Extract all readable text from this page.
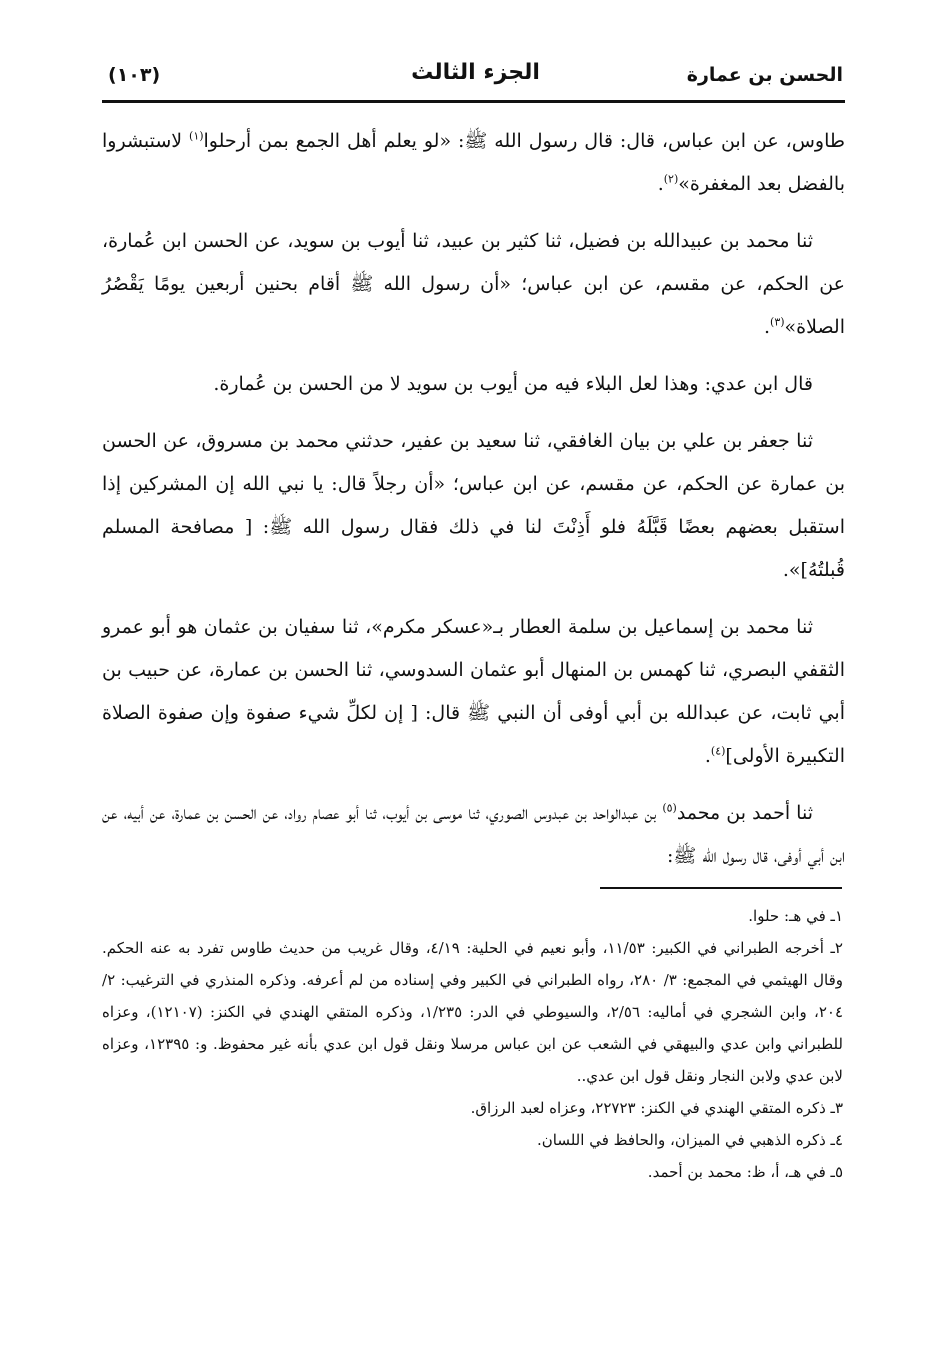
الحسن بن عمارة
الجزء الثالث
(١٠٣)

طاوس، عن ابن عباس، قال: قال رسول الله ﷺ: «لو يعلم أهل الجمع بمن أرحلوا$^{(١)}$ لاستبشروا بالفضل بعد المغفرة»$^{(٢)}$.

ثنا محمد بن عبيدالله بن فضيل، ثنا كثير بن عبيد، ثنا أيوب بن سويد، عن الحسن ابن عُمارة، عن الحكم، عن مقسم، عن ابن عباس؛ «أن رسول الله ﷺ أقام بحنين أربعين يومًا يَقْصُرُ الصلاة»$^{(٣)}$.

قال ابن عدي: وهذا لعل البلاء فيه من أيوب بن سويد لا من الحسن بن عُمارة.

ثنا جعفر بن علي بن بيان الغافقي، ثنا سعيد بن عفير، حدثني محمد بن مسروق، عن الحسن بن عمارة عن الحكم، عن مقسم، عن ابن عباس؛ «أن رجلاً قال: يا نبي الله إن المشركين إذا استقبل بعضهم بعضًا قَبَّلَهُ فلو أَذِنْتَ لنا في ذلك فقال رسول الله ﷺ: [ مصافحة المسلم قُبلتُهُ]».

ثنا محمد بن إسماعيل بن سلمة العطار بـ«عسكر مكرم»، ثنا سفيان بن عثمان هو أبو عمرو الثقفي البصري، ثنا كهمس بن المنهال أبو عثمان السدوسي، ثنا الحسن بن عمارة، عن حبيب بن أبي ثابت، عن عبدالله بن أبي أوفى أن النبي ﷺ قال: [ إن لكلِّ شيء صفوة وإن صفوة الصلاة التكبيرة الأولى]$^{(٤)}$.

ثنا أحمد بن محمد$^{(٥)}$ بن عبدالواحد بن عبدوس الصوري، ثنا موسى بن أيوب، ثنا أبو عصام رواد، عن الحسن بن عمارة، عن أبيه، عن ابن أبي أوفى، قال رسول الله ﷺ:

١ـ في هـ: حلوا.

٢ـ أخرجه الطبراني في الكبير: ١١/٥٣، وأبو نعيم في الحلية: ٤/١٩، وقال غريب من حديث طاوس تفرد به عنه الحكم. وقال الهيثمي في المجمع: ٣/ ٢٨٠، رواه الطبراني في الكبير وفي إسناده من لم أعرفه. وذكره المنذري في الترغيب: ٢/ ٢٠٤، وابن الشجري في أماليه: ٢/٥٦، والسيوطي في الدر: ١/٢٣٥، وذكره المتقي الهندي في الكنز: (١٢١٠٧)، وعزاه للطبراني وابن عدي والبيهقي في الشعب عن ابن عباس مرسلا ونقل قول ابن عدي بأنه غير محفوظ. و: ١٢٣٩٥، وعزاه لابن عدي ولابن النجار ونقل قول ابن عدي..

٣ـ ذكره المتقي الهندي في الكنز: ٢٢٧٢٣، وعزاه لعبد الرزاق.

٤ـ ذكره الذهبي في الميزان، والحافظ في اللسان.

٥ـ في هـ، أ، ظ: محمد بن أحمد.
